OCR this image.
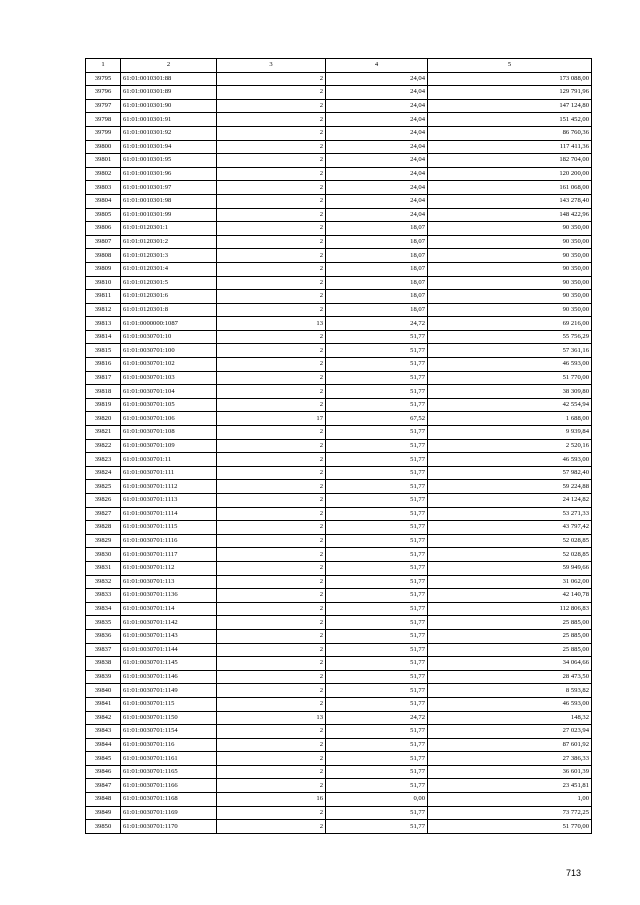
1	2	3	4	5
39795	61:01:0010301:88	2	24,04	173 088,00
39796	61:01:0010301:89	2	24,04	129 791,96
39797	61:01:0010301:90	2	24,04	147 124,80
39798	61:01:0010301:91	2	24,04	151 452,00
39799	61:01:0010301:92	2	24,04	86 760,36
39800	61:01:0010301:94	2	24,04	117 411,36
39801	61:01:0010301:95	2	24,04	182 704,00
39802	61:01:0010301:96	2	24,04	120 200,00
39803	61:01:0010301:97	2	24,04	161 068,00
39804	61:01:0010301:98	2	24,04	143 278,40
39805	61:01:0010301:99	2	24,04	148 422,96
39806	61:01:0120301:1	2	18,07	90 350,00
39807	61:01:0120301:2	2	18,07	90 350,00
39808	61:01:0120301:3	2	18,07	90 350,00
39809	61:01:0120301:4	2	18,07	90 350,00
39810	61:01:0120301:5	2	18,07	90 350,00
39811	61:01:0120301:6	2	18,07	90 350,00
39812	61:01:0120301:8	2	18,07	90 350,00
39813	61:01:0000000:1087	13	24,72	69 216,00
39814	61:01:0030701:10	2	51,77	55 756,29
39815	61:01:0030701:100	2	51,77	57 361,16
39816	61:01:0030701:102	2	51,77	46 593,00
39817	61:01:0030701:103	2	51,77	51 770,00
39818	61:01:0030701:104	2	51,77	38 309,80
39819	61:01:0030701:105	2	51,77	42 554,94
39820	61:01:0030701:106	17	67,52	1 688,00
39821	61:01:0030701:108	2	51,77	9 939,84
39822	61:01:0030701:109	2	51,77	2 520,16
39823	61:01:0030701:11	2	51,77	46 593,00
39824	61:01:0030701:111	2	51,77	57 982,40
39825	61:01:0030701:1112	2	51,77	59 224,88
39826	61:01:0030701:1113	2	51,77	24 124,82
39827	61:01:0030701:1114	2	51,77	53 271,33
39828	61:01:0030701:1115	2	51,77	43 797,42
39829	61:01:0030701:1116	2	51,77	52 028,85
39830	61:01:0030701:1117	2	51,77	52 028,85
39831	61:01:0030701:112	2	51,77	59 949,66
39832	61:01:0030701:113	2	51,77	31 062,00
39833	61:01:0030701:1136	2	51,77	42 140,78
39834	61:01:0030701:114	2	51,77	112 806,83
39835	61:01:0030701:1142	2	51,77	25 885,00
39836	61:01:0030701:1143	2	51,77	25 885,00
39837	61:01:0030701:1144	2	51,77	25 885,00
39838	61:01:0030701:1145	2	51,77	34 064,66
39839	61:01:0030701:1146	2	51,77	28 473,50
39840	61:01:0030701:1149	2	51,77	8 593,82
39841	61:01:0030701:115	2	51,77	46 593,00
39842	61:01:0030701:1150	13	24,72	148,32
39843	61:01:0030701:1154	2	51,77	27 023,94
39844	61:01:0030701:116	2	51,77	87 601,92
39845	61:01:0030701:1161	2	51,77	27 386,33
39846	61:01:0030701:1165	2	51,77	36 601,39
39847	61:01:0030701:1166	2	51,77	23 451,81
39848	61:01:0030701:1168	16	0,00	1,00
39849	61:01:0030701:1169	2	51,77	73 772,25
39850	61:01:0030701:1170	2	51,77	51 770,00
713
